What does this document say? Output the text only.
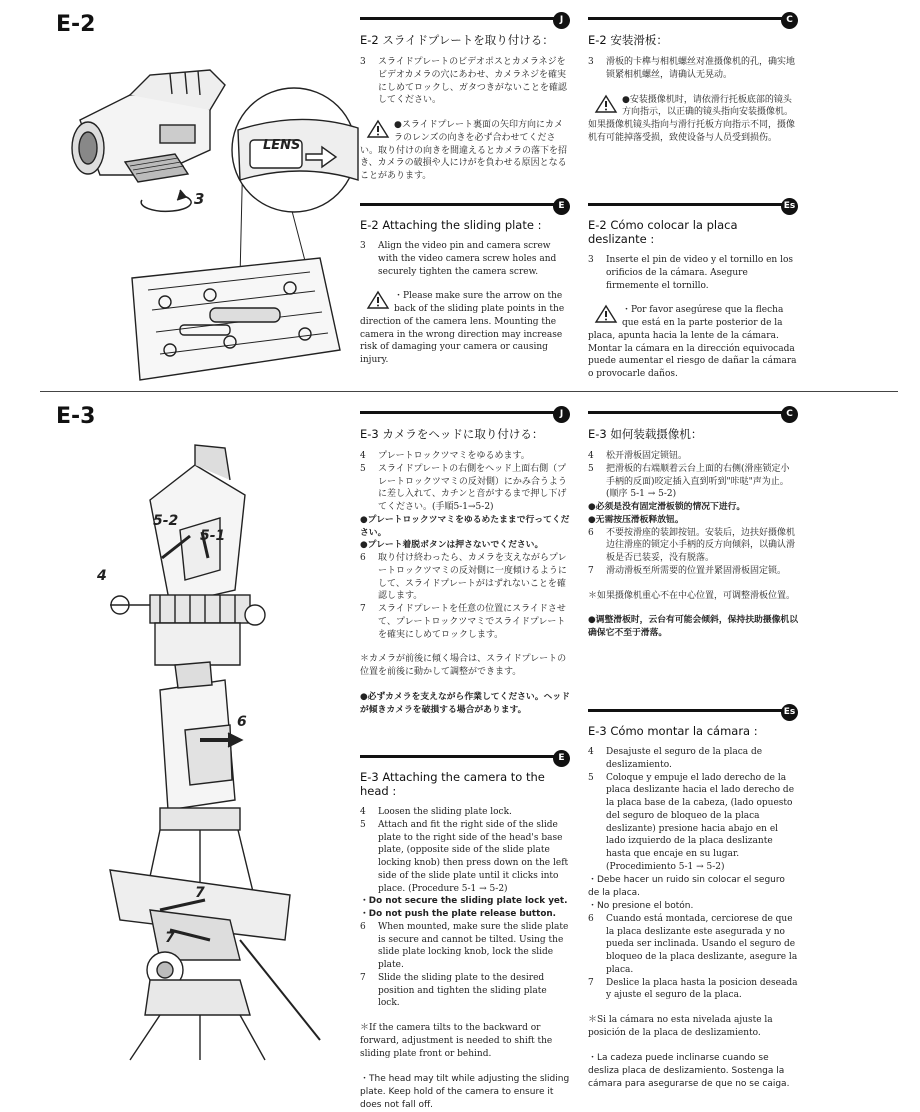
E-2
E-3
LENS
3
5-2
5-1
4
6
7
7
J
E-2 スライドプレートを取り付ける：
3	スライドプレートのビデオポスとカメラネジをビデオカメラの穴にあわせ、カメラネジを確実にしめてロックし、ガタつきがないことを確認してください。
●スライドプレート裏面の矢印方向にカメラのレンズの向きを必ず合わせてください。取り付けの向きを間違えるとカメラの落下を招き、カメラの破損や人にけがを負わせる原因となることがあります。
E
E-2 Attaching the sliding plate :
3	Align the video pin and camera screw with the video camera screw holes and securely tighten the camera screw.
・Please make sure the arrow on the back of the sliding plate points in the direction of the camera lens. Mounting the camera in the wrong direction may increase risk of damaging your camera or causing injury.
C
E-2 安装滑板：
3	滑板的卡榫与相机螺丝对准摄像机的孔，确实地锁紧相机螺丝，请确认无晃动。
●安装摄像机时，请依滑行托板底部的镜头方向指示，以正确的镜头指向安装摄像机。如果摄像机镜头指向与滑行托板方向指示不同，摄像机有可能掉落受损，致使设备与人员受到损伤。
Es
E-2 Cómo colocar la placa deslizante :
3	Inserte el pin de video y el tornillo en los orificios de la cámara. Asegure firmemente el tornillo.
・Por favor asegúrese que la flecha que está en la parte posterior de la placa, apunta hacia la lente de la cámara. Montar la cámara en la dirección equivocada puede aumentar el riesgo de dañar la cámara o provocarle daños.
J
E-3 カメラをヘッドに取り付ける：
4	プレートロックツマミをゆるめます。
5	スライドプレートの右側をヘッド上面右側（プレートロックツマミの反対側）にかみ合うように差し入れて、カチンと音がするまで押し下げてください。(手順5-1→5-2)
●プレートロックツマミをゆるめたままで行ってください。
●プレート着脱ボタンは押さないでください。
6	取り付け終わったら、カメラを支えながらプレートロックツマミの反対側に一度傾けるようにして、スライドプレートがはずれないことを確認します。
7	スライドプレートを任意の位置にスライドさせて、プレートロックツマミでスライドプレートを確実にしめてロックします。
＊カメラが前後に傾く場合は、スライドプレートの位置を前後に動かして調整ができます。
●必ずカメラを支えながら作業してください。ヘッドが傾きカメラを破損する場合があります。
E
E-3 Attaching the camera to the head :
4	Loosen the sliding plate lock.
5	Attach and fit the right side of the slide plate to the right side of the head's base plate, (opposite side of the slide plate locking knob) then press down on the left side of the slide plate until it clicks into place. (Procedure 5-1 → 5-2)
・Do not secure the sliding plate lock yet.
・Do not push the plate release button.
6	When mounted, make sure the slide plate is secure and cannot be tilted. Using the slide plate locking knob, lock the slide plate.
7	Slide the sliding plate to the desired position and tighten the sliding plate lock.
＊If the camera tilts to the backward or forward, adjustment is needed to shift the sliding plate front or behind.
・The head may tilt while adjusting the sliding plate. Keep hold of the camera to ensure it does not fall off.
C
E-3 如何装载摄像机：
4	松开滑板固定锁钮。
5	把滑板的右端顺着云台上面的右侧(滑座锁定小手柄的反面)咬定插入直到听到"咔哒"声为止。(顺序 5-1 → 5-2)
●必须是没有固定滑板锁的情况下进行。
●无需按压滑板释放钮。
6	不要按滑座的装卸按钮。安装后，边扶好摄像机边往滑座的锁定小手柄的反方向倾斜，以确认滑板是否已装妥，没有脱落。
7	滑动滑板至所需要的位置并紧固滑板固定锁。
＊如果摄像机重心不在中心位置，可调整滑板位置。
●调整滑板时，云台有可能会倾斜，保持扶助摄像机以确保它不至于滑落。
Es
E-3 Cómo montar la cámara :
4	Desajuste el seguro de la placa de deslizamiento.
5	Coloque y empuje el lado derecho de la placa deslizante hacia el lado derecho de la placa base de la cabeza, (lado opuesto del seguro de bloqueo de la placa deslizante) presione hacia abajo en el lado izquierdo de la placa deslizante hasta que encaje en su lugar. (Procedimiento 5-1 → 5-2)
・Debe hacer un ruido sin colocar el seguro de la placa.
・No presione el botón.
6	Cuando está montada, cerciorese de que la placa deslizante este asegurada y no pueda ser inclinada. Usando el seguro de bloqueo de la placa deslizante, asegure la placa.
7	Deslice la placa hasta la posicion deseada y ajuste el seguro de la placa.
＊Si la cámara no esta nivelada ajuste la posición de la placa de deslizamiento.
・La cadeza puede inclinarse cuando se desliza placa de deslizamiento. Sostenga la cámara para asegurarse de que no se caiga.
